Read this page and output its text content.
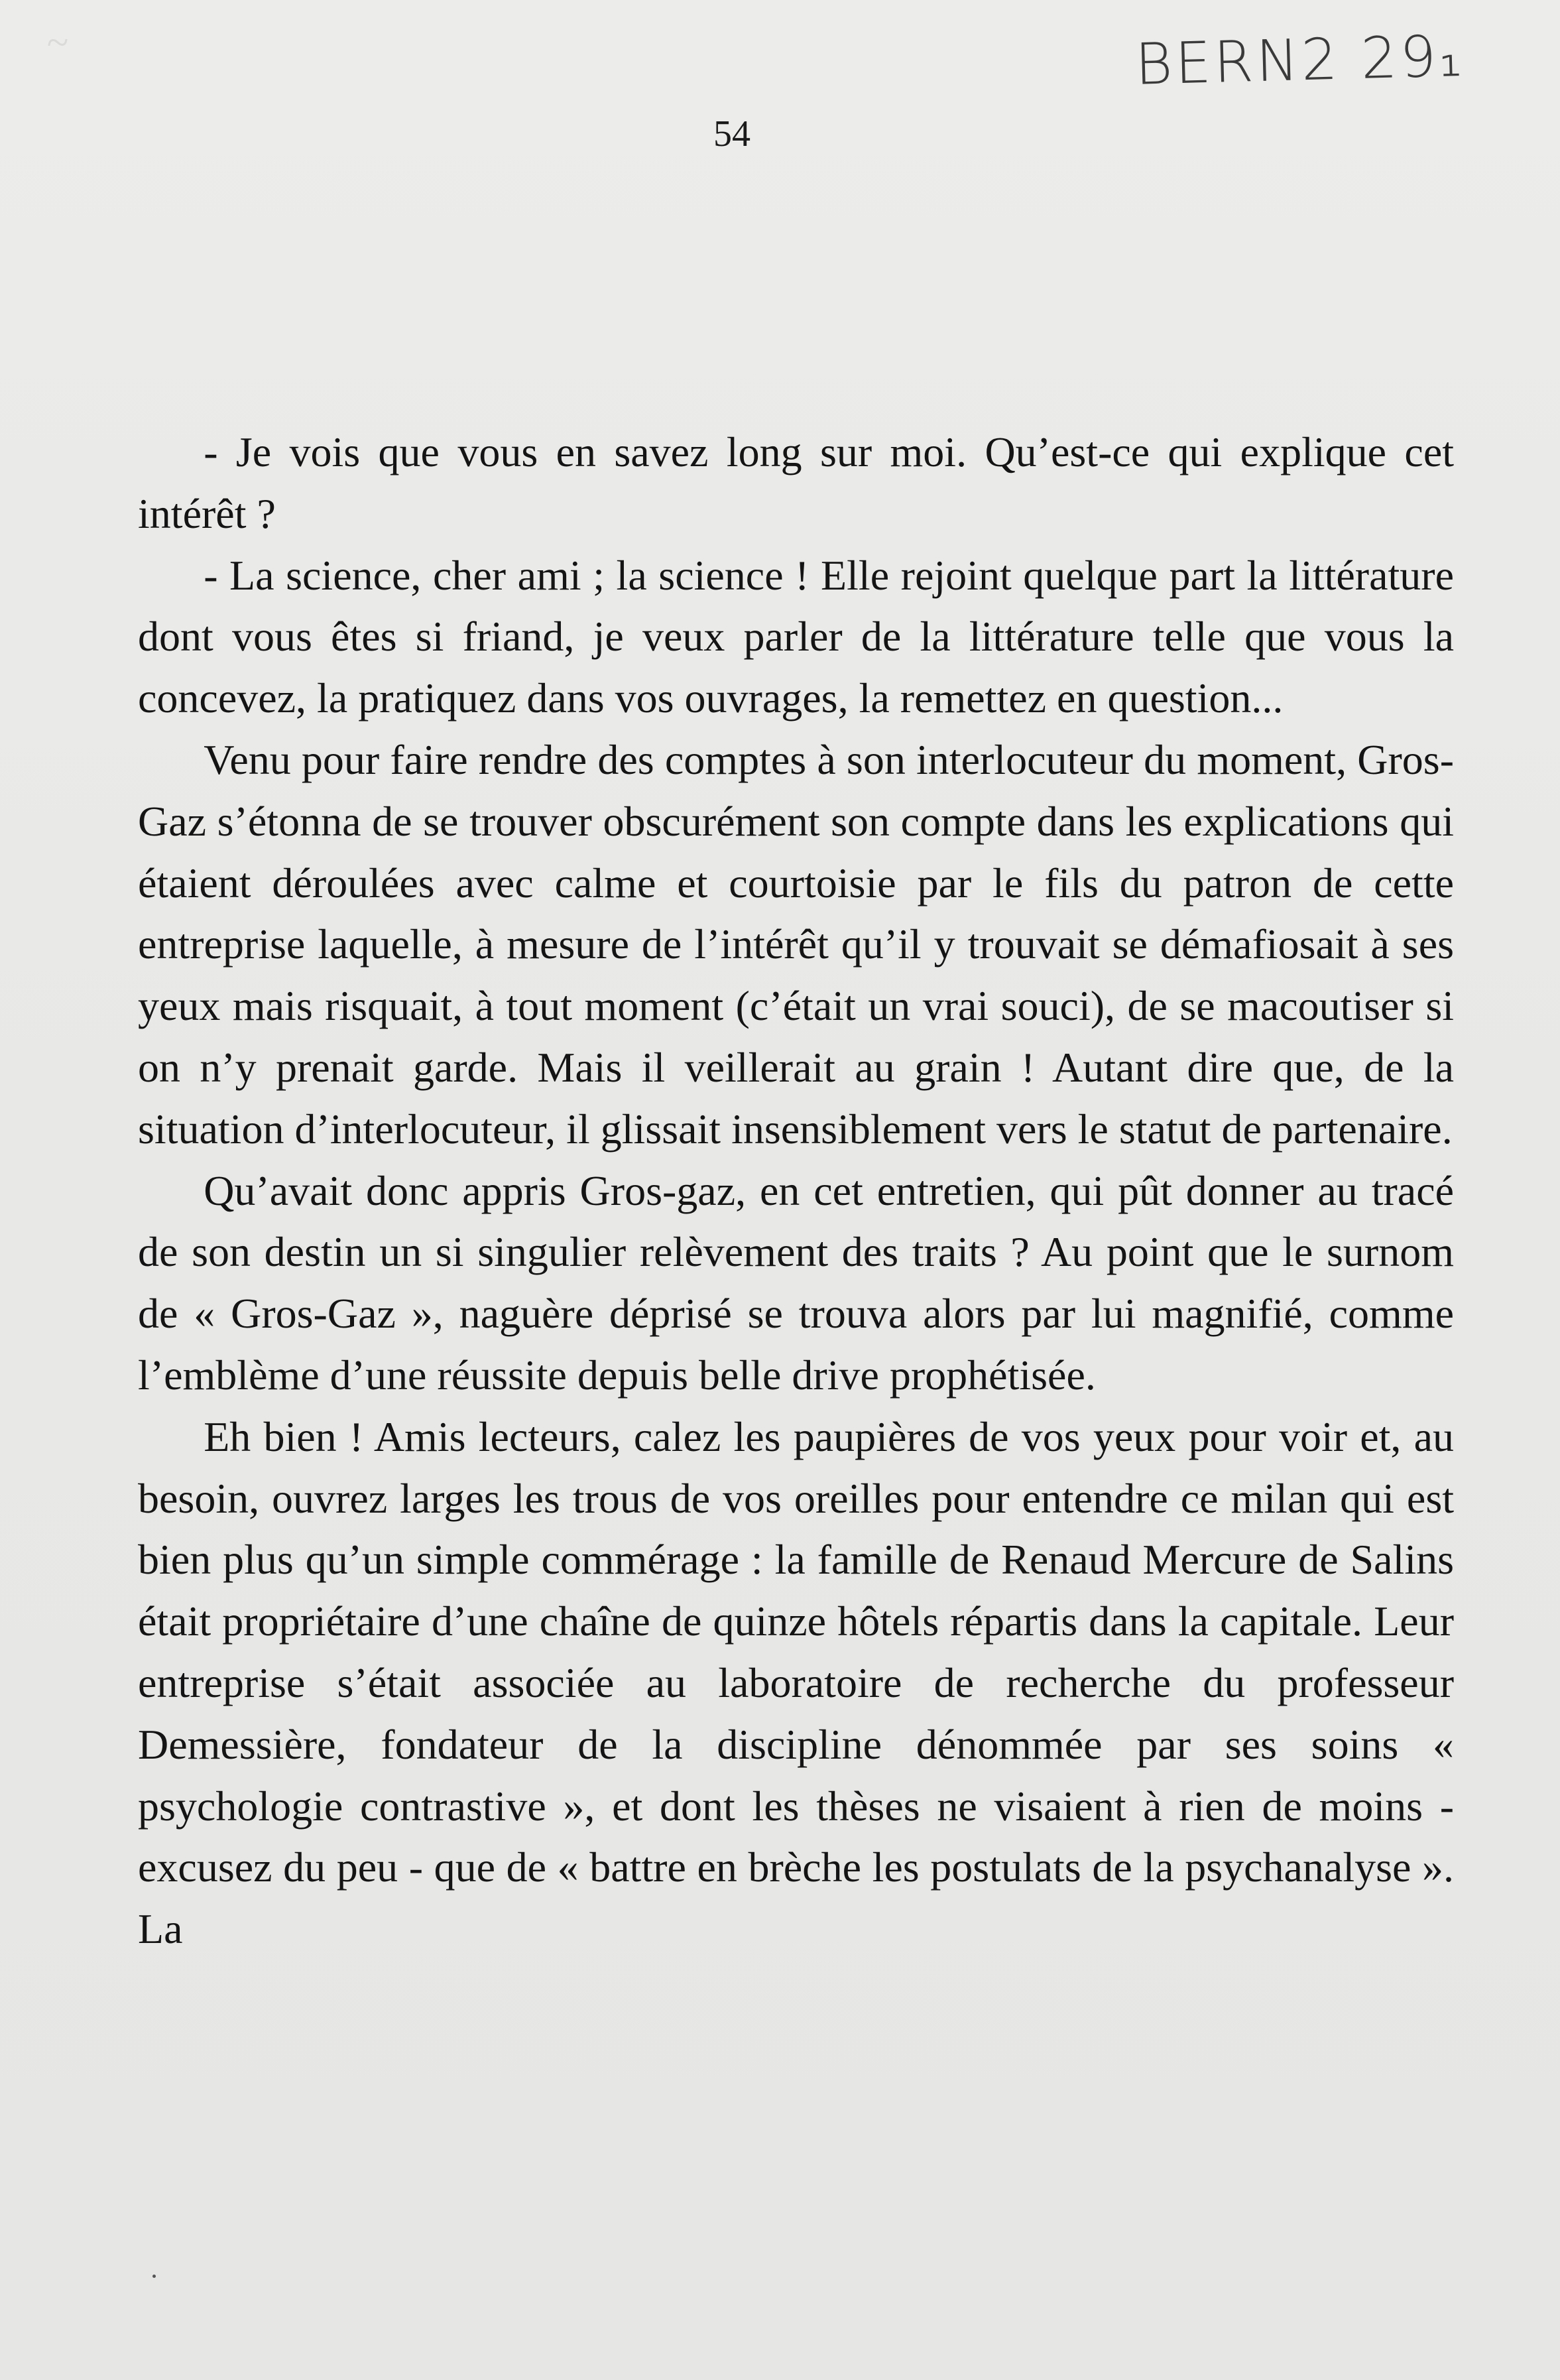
~	BERN2 29₁
54

- Je vois que vous en savez long sur moi. Qu’est-ce qui explique cet intérêt ?

- La science, cher ami ; la science ! Elle rejoint quelque part la littérature dont vous êtes si friand, je veux parler de la littérature telle que vous la concevez, la pratiquez dans vos ouvrages, la remettez en question...

Venu pour faire rendre des comptes à son interlocuteur du moment, Gros-Gaz s’étonna de se trouver obscurément son compte dans les explications qui étaient déroulées avec calme et courtoisie par le fils du patron de cette entreprise laquelle, à mesure de l’intérêt qu’il y trouvait se démafiosait à ses yeux mais risquait, à tout moment (c’était un vrai souci), de se macoutiser si on n’y prenait garde. Mais il veillerait au grain ! Autant dire que, de la situation d’interlocuteur, il glissait insensiblement vers le statut de partenaire.

Qu’avait donc appris Gros-gaz, en cet entretien, qui pût donner au tracé de son destin un si singulier relèvement des traits ? Au point que le surnom de « Gros-Gaz », naguère déprisé se trouva alors par lui magnifié, comme l’emblème d’une réussite depuis belle drive prophétisée.

Eh bien ! Amis lecteurs, calez les paupières de vos yeux pour voir et, au besoin, ouvrez larges les trous de vos oreilles pour entendre ce milan qui est bien plus qu’un simple commérage : la famille de Renaud Mercure de Salins était propriétaire d’une chaîne de quinze hôtels répartis dans la capitale. Leur entreprise s’était associée au laboratoire de recherche du professeur Demessière, fondateur de la discipline dénommée par ses soins « psychologie contrastive », et dont les thèses ne visaient à rien de moins -excusez du peu - que de « battre en brèche les postulats de la psychanalyse ». La
